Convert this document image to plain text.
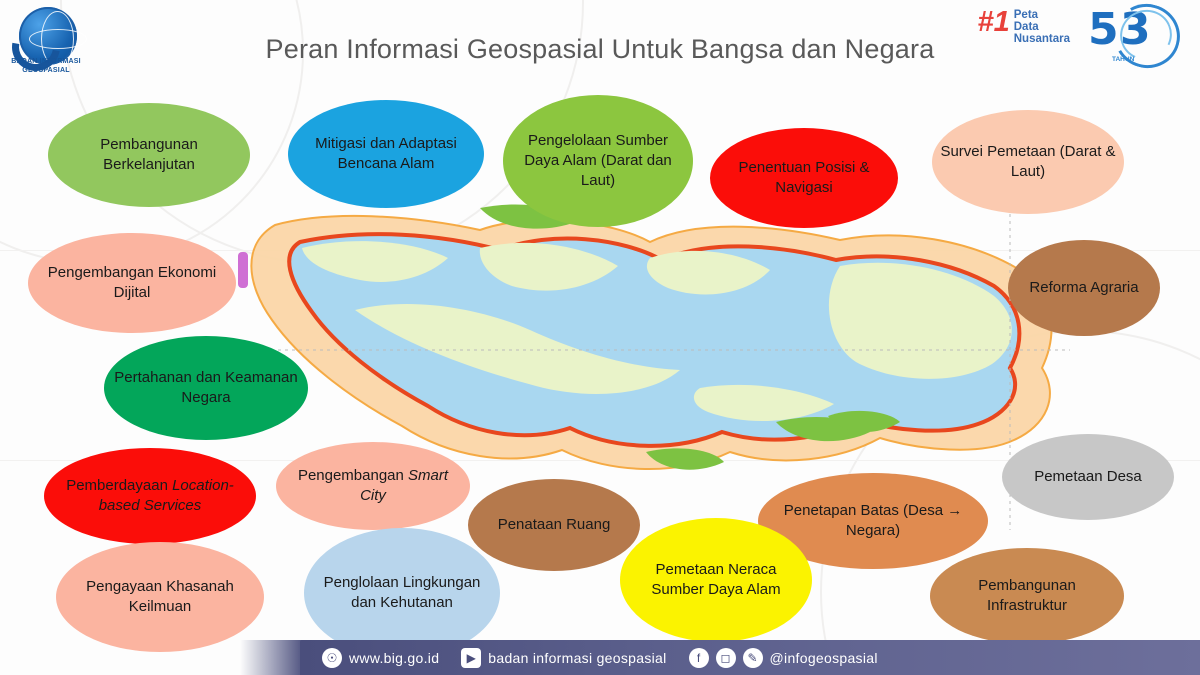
BADAN INFORMASI GEOSPASIAL
Peran Informasi Geospasial Untuk Bangsa dan Negara
#1 Peta
Data
Nusantara 5 3
TAHUN
Pembangunan Berkelanjutan
Mitigasi dan Adaptasi Bencana Alam
Pengelolaan Sumber Daya Alam (Darat dan Laut)
Penentuan Posisi & Navigasi
Survei Pemetaan (Darat & Laut)
Pengembangan Ekonomi Dijital	Reforma Agraria
Pertahanan dan Keamanan Negara
Pemetaan Desa
Pemberdayaan Location-based Services
Pengembangan Smart City
Penataan Ruang
Penetapan Batas (Desa → Negara)
Pemetaan Neraca Sumber Daya Alam
Penglolaan Lingkungan dan Kehutanan
Pengayaan Khasanah Keilmuan
Pembangunan Infrastruktur
☉ www.big.go.id	▶ badan informasi geospasial	f	◻	✎ @infogeospasial
